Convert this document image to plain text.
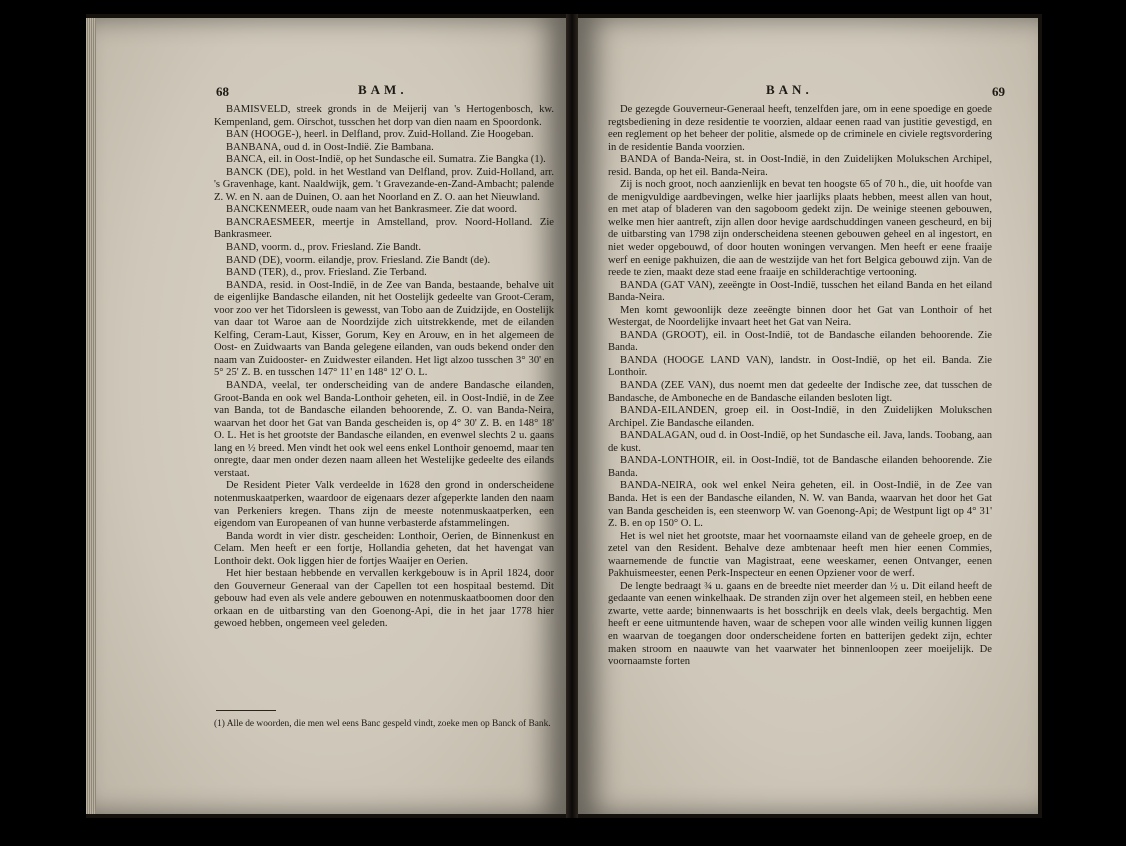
68	BAM.

BAMISVELD, streek gronds in de Meijerij van 's Hertogenbosch, kw. Kempenland, gem. Oirschot, tusschen het dorp van dien naam en Spoordonk.

BAN (HOOGE-), heerl. in Delfland, prov. Zuid-Holland. Zie Hoogeban.

BANBANA, oud d. in Oost-Indië. Zie Bambana.

BANCA, eil. in Oost-Indië, op het Sundasche eil. Sumatra. Zie Bangka (1).

BANCK (DE), pold. in het Westland van Delfland, prov. Zuid-Holland, arr. 's Gravenhage, kant. Naaldwijk, gem. 't Gravezande-en-Zand-Ambacht; palende Z. W. en N. aan de Duinen, O. aan het Noorland en Z. O. aan het Nieuwland.

BANCKENMEER, oude naam van het Bankrasmeer. Zie dat woord.

BANCRAESMEER, meertje in Amstelland, prov. Noord-Holland. Zie Bankrasmeer.

BAND, voorm. d., prov. Friesland. Zie Bandt.

BAND (DE), voorm. eilandje, prov. Friesland. Zie Bandt (de).

BAND (TER), d., prov. Friesland. Zie Terband.

BANDA, resid. in Oost-Indië, in de Zee van Banda, bestaande, behalve uit de eigenlijke Bandasche eilanden, nit het Oostelijk gedeelte van Groot-Ceram, voor zoo ver het Tidorsleen is gewesst, van Tobo aan de Zuidzijde, en Oostelijk van daar tot Waroe aan de Noordzijde zich uitstrekkende, met de eilanden Kelfing, Ceram-Laut, Kisser, Gorum, Key en Arouw, en in het algemeen de Oost- en Zuidwaarts van Banda gelegene eilanden, van ouds bekend onder den naam van Zuidooster- en Zuidwester eilanden. Het ligt alzoo tusschen 3° 30' en 5° 25' Z. B. en tusschen 147° 11' en 148° 12' O. L.

BANDA, veelal, ter onderscheiding van de andere Bandasche eilanden, Groot-Banda en ook wel Banda-Lonthoir geheten, eil. in Oost-Indië, in de Zee van Banda, tot de Bandasche eilanden behoorende, Z. O. van Banda-Neira, waarvan het door het Gat van Banda gescheiden is, op 4° 30' Z. B. en 148° 18' O. L. Het is het grootste der Bandasche eilanden, en evenwel slechts 2 u. gaans lang en ½ breed. Men vindt het ook wel eens enkel Lonthoir genoemd, maar ten onregte, daar men onder dezen naam alleen het Westelijke gedeelte des eilands verstaat.

De Resident Pieter Valk verdeelde in 1628 den grond in onderscheidene notenmuskaatperken, waardoor de eigenaars dezer afgeperkte landen den naam van Perkeniers kregen. Thans zijn de meeste notenmuskaatperken, een eigendom van Europeanen of van hunne verbasterde afstammelingen.

Banda wordt in vier distr. gescheiden: Lonthoir, Oerien, de Binnenkust en Celam. Men heeft er een fortje, Hollandia geheten, dat het havengat van Lonthoir dekt. Ook liggen hier de fortjes Waaijer en Oerien.

Het hier bestaan hebbende en vervallen kerkgebouw is in April 1824, door den Gouverneur Generaal van der Capellen tot een hospitaal bestemd. Dit gebouw had even als vele andere gebouwen en notenmuskaatboomen door den orkaan en de uitbarsting van den Goenong-Api, die in het jaar 1778 hier gewoed hebben, ongemeen veel geleden.

(1) Alle de woorden, die men wel eens Banc gespeld vindt, zoeke men op Banck of Bank.
BAN.	69

De gezegde Gouverneur-Generaal heeft, tenzelfden jare, om in eene spoedige en goede regtsbediening in deze residentie te voorzien, aldaar eenen raad van justitie gevestigd, en een reglement op het beheer der politie, alsmede op de criminele en civiele regtsvordering in de residentie Banda voorzien.

BANDA of Banda-Neira, st. in Oost-Indië, in den Zuidelijken Molukschen Archipel, resid. Banda, op het eil. Banda-Neira.

Zij is noch groot, noch aanzienlijk en bevat ten hoogste 65 of 70 h., die, uit hoofde van de menigvuldige aardbevingen, welke hier jaarlijks plaats hebben, meest allen van hout, en met atap of bladeren van den sagoboom gedekt zijn. De weinige steenen gebouwen, welke men hier aantreft, zijn allen door hevige aardschuddingen vaneen gescheurd, en bij de uitbarsting van 1798 zijn onderscheidena steenen gebouwen geheel en al ingestort, en niet weder opgebouwd, of door houten woningen vervangen. Men heeft er eene fraaije werf en eenige pakhuizen, die aan de westzijde van het fort Belgica gebouwd zijn. Van de reede te zien, maakt deze stad eene fraaije en schilderachtige vertooning.

BANDA (GAT VAN), zeeëngte in Oost-Indië, tusschen het eiland Banda en het eiland Banda-Neira.

Men komt gewoonlijk deze zeeëngte binnen door het Gat van Lonthoir of het Westergat, de Noordelijke invaart heet het Gat van Neira.

BANDA (GROOT), eil. in Oost-Indië, tot de Bandasche eilanden behoorende. Zie Banda.

BANDA (HOOGE LAND VAN), landstr. in Oost-Indië, op het eil. Banda. Zie Lonthoir.

BANDA (ZEE VAN), dus noemt men dat gedeelte der Indische zee, dat tusschen de Bandasche, de Amboneche en de Bandasche eilanden besloten ligt.

BANDA-EILANDEN, groep eil. in Oost-Indië, in den Zuidelijken Molukschen Archipel. Zie Bandasche eilanden.

BANDALAGAN, oud d. in Oost-Indië, op het Sundasche eil. Java, lands. Toobang, aan de kust.

BANDA-LONTHOIR, eil. in Oost-Indië, tot de Bandasche eilanden behoorende. Zie Banda.

BANDA-NEIRA, ook wel enkel Neira geheten, eil. in Oost-Indië, in de Zee van Banda. Het is een der Bandasche eilanden, N. W. van Banda, waarvan het door het Gat van Banda gescheiden is, een steenworp W. van Goenong-Api; de Westpunt ligt op 4° 31' Z. B. en op 150° O. L.

Het is wel niet het grootste, maar het voornaamste eiland van de geheele groep, en de zetel van den Resident. Behalve deze ambtenaar heeft men hier eenen Commies, waarnemende de functie van Magistraat, eene weeskamer, eenen Ontvanger, eenen Pakhuismeester, eenen Perk-Inspecteur en eenen Opziener voor de werf.

De lengte bedraagt ¾ u. gaans en de breedte niet meerder dan ½ u. Dit eiland heeft de gedaante van eenen winkelhaak. De stranden zijn over het algemeen steil, en hebben eene zwarte, vette aarde; binnenwaarts is het bosschrijk en deels vlak, deels bergachtig. Men heeft er eene uitmuntende haven, waar de schepen voor alle winden veilig kunnen liggen en waarvan de toegangen door onderscheidene forten en batterijen gedekt zijn, echter maken stroom en naauwte van het vaarwater het binnenloopen zeer moeijelijk. De voornaamste forten
